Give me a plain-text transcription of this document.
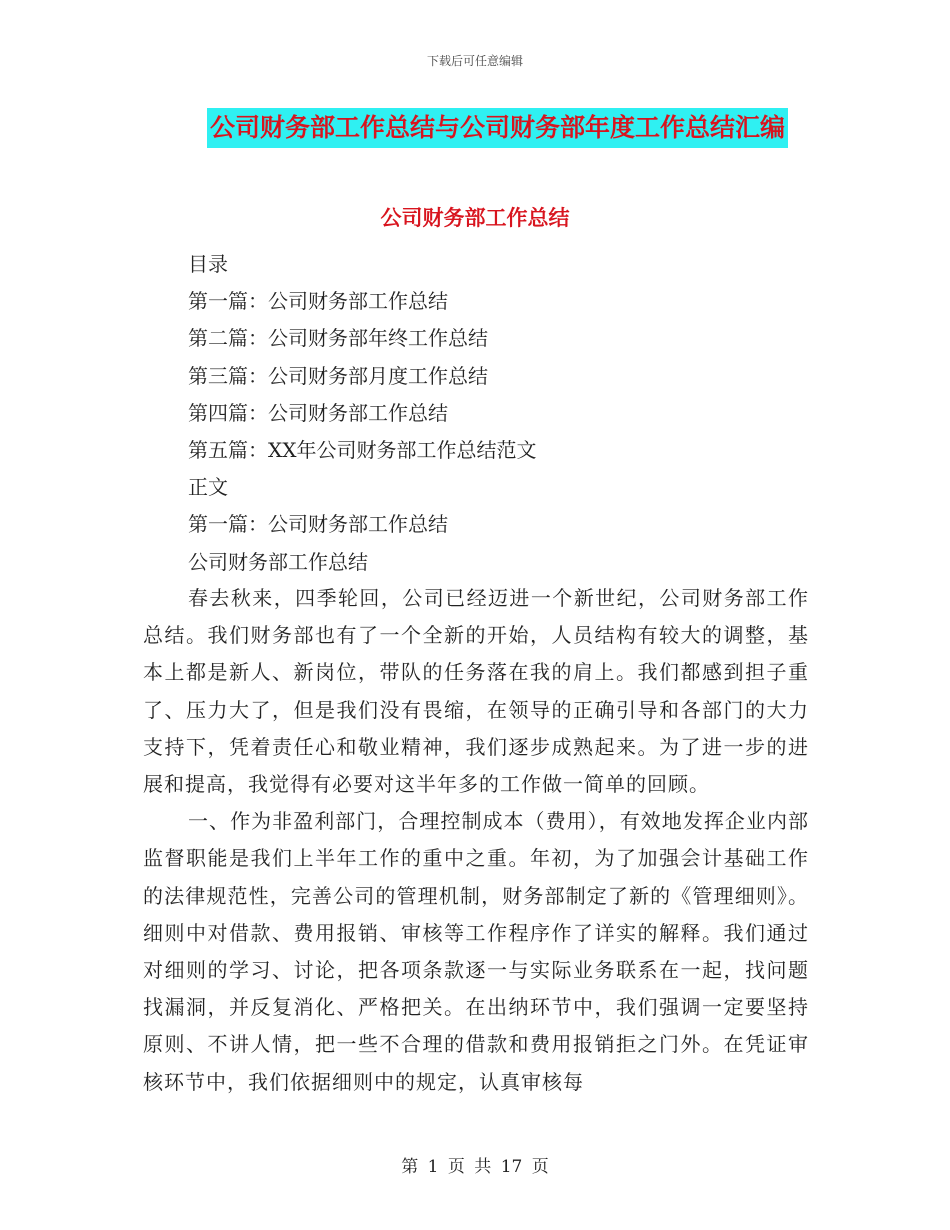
下载后可任意编辑
公司财务部工作总结与公司财务部年度工作总结汇编
公司财务部工作总结
目录
第一篇：公司财务部工作总结
第二篇：公司财务部年终工作总结
第三篇：公司财务部月度工作总结
第四篇：公司财务部工作总结
第五篇：XX年公司财务部工作总结范文
正文
第一篇：公司财务部工作总结
公司财务部工作总结

春去秋来，四季轮回，公司已经迈进一个新世纪，公司财务部工作总结。我们财务部也有了一个全新的开始，人员结构有较大的调整，基本上都是新人、新岗位，带队的任务落在我的肩上。我们都感到担子重了、压力大了，但是我们没有畏缩，在领导的正确引导和各部门的大力支持下，凭着责任心和敬业精神，我们逐步成熟起来。为了进一步的进展和提高，我觉得有必要对这半年多的工作做一简单的回顾。

一、作为非盈利部门，合理控制成本（费用），有效地发挥企业内部监督职能是我们上半年工作的重中之重。年初，为了加强会计基础工作的法律规范性，完善公司的管理机制，财务部制定了新的《管理细则》。细则中对借款、费用报销、审核等工作程序作了详实的解释。我们通过对细则的学习、讨论，把各项条款逐一与实际业务联系在一起，找问题找漏洞，并反复消化、严格把关。在出纳环节中，我们强调一定要坚持原则、不讲人情，把一些不合理的借款和费用报销拒之门外。在凭证审核环节中，我们依据细则中的规定，认真审核每

第 1 页 共 17 页
